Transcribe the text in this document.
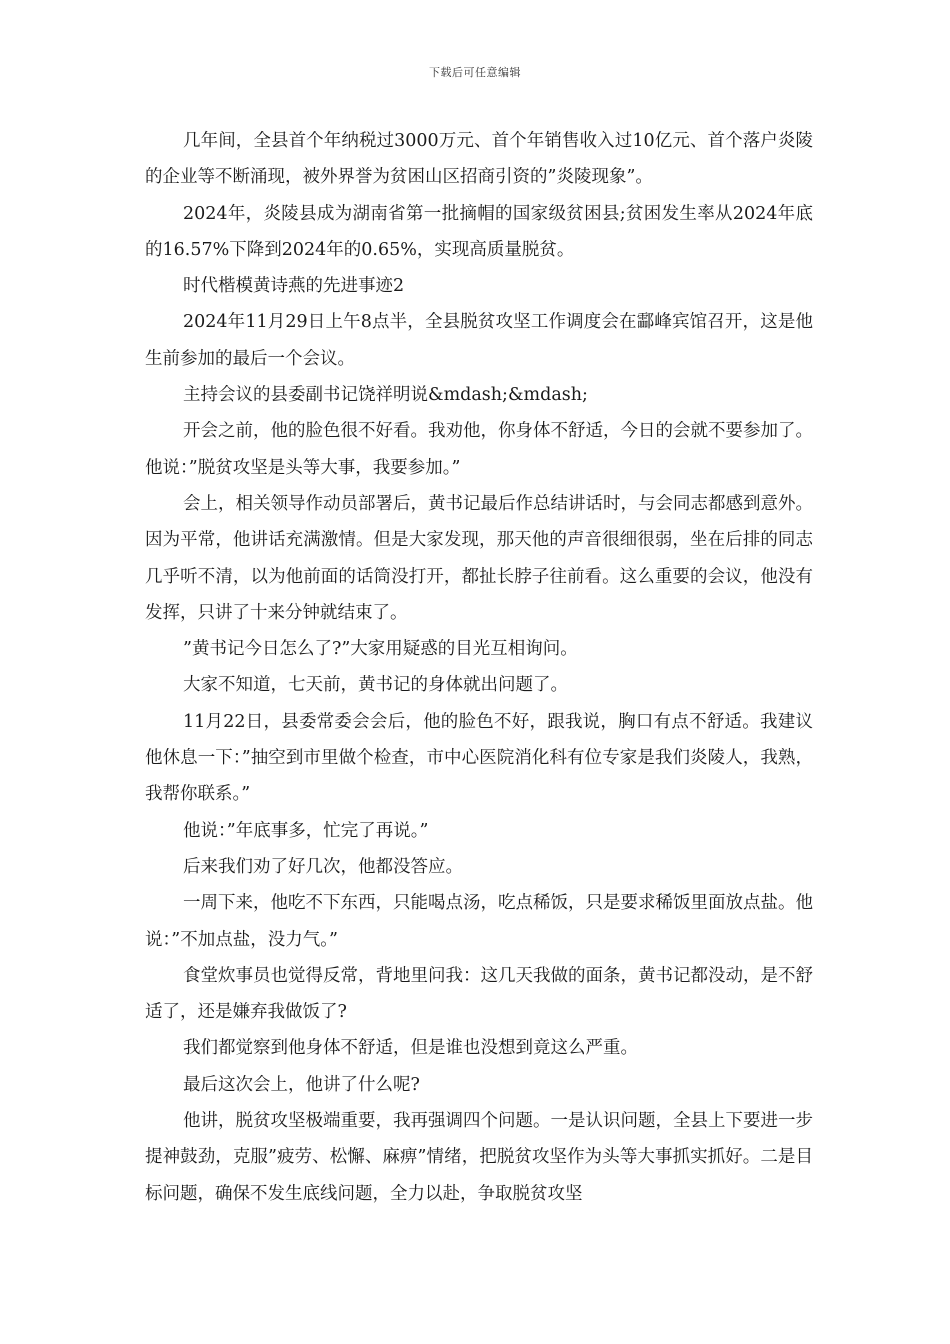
下载后可任意编辑

几年间，全县首个年纳税过3000万元、首个年销售收入过10亿元、首个落户炎陵的企业等不断涌现，被外界誉为贫困山区招商引资的”炎陵现象”。

2024年，炎陵县成为湖南省第一批摘帽的国家级贫困县;贫困发生率从2024年底的16.57%下降到2024年的0.65%，实现高质量脱贫。

时代楷模黄诗燕的先进事迹2

2024年11月29日上午8点半，全县脱贫攻坚工作调度会在酃峰宾馆召开，这是他生前参加的最后一个会议。

主持会议的县委副书记饶祥明说&mdash;&mdash;

开会之前，他的脸色很不好看。我劝他，你身体不舒适，今日的会就不要参加了。他说：”脱贫攻坚是头等大事，我要参加。”

会上，相关领导作动员部署后，黄书记最后作总结讲话时，与会同志都感到意外。因为平常，他讲话充满激情。但是大家发现，那天他的声音很细很弱，坐在后排的同志几乎听不清，以为他前面的话筒没打开，都扯长脖子往前看。这么重要的会议，他没有发挥，只讲了十来分钟就结束了。

”黄书记今日怎么了?”大家用疑惑的目光互相询问。

大家不知道，七天前，黄书记的身体就出问题了。

11月22日，县委常委会会后，他的脸色不好，跟我说，胸口有点不舒适。我建议他休息一下：”抽空到市里做个检查，市中心医院消化科有位专家是我们炎陵人，我熟，我帮你联系。”

他说：”年底事多，忙完了再说。”

后来我们劝了好几次，他都没答应。

一周下来，他吃不下东西，只能喝点汤，吃点稀饭，只是要求稀饭里面放点盐。他说：”不加点盐，没力气。”

食堂炊事员也觉得反常，背地里问我：这几天我做的面条，黄书记都没动，是不舒适了，还是嫌弃我做饭了?

我们都觉察到他身体不舒适，但是谁也没想到竟这么严重。

最后这次会上，他讲了什么呢?

他讲，脱贫攻坚极端重要，我再强调四个问题。一是认识问题，全县上下要进一步提神鼓劲，克服”疲劳、松懈、麻痹”情绪，把脱贫攻坚作为头等大事抓实抓好。二是目标问题，确保不发生底线问题，全力以赴，争取脱贫攻坚
